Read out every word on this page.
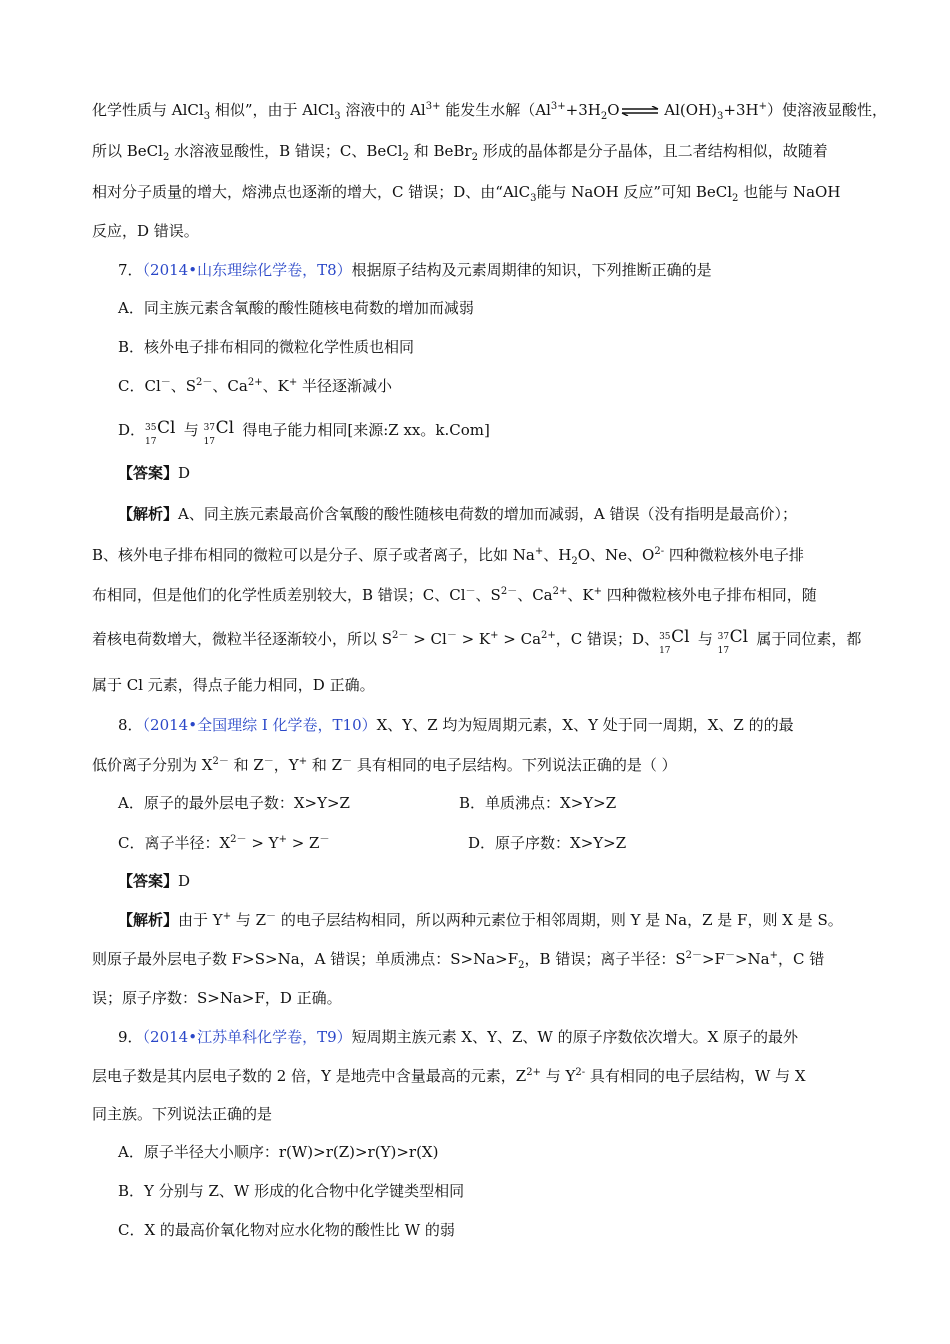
化学性质与 AlCl$_3$ 相似”，由于 AlCl$_3$ 溶液中的 $Al^{3+}$ 能发生水解（$Al^{3+}+3H_2O\rightleftharpoons$ $Al(OH)_3+3H^+$）使溶液显酸性，
所以 BeCl$_2$ 水溶液显酸性，B 错误；C、BeCl$_2$ 和 BeBr$_2$ 形成的晶体都是分子晶体，且二者结构相似，故随着
相对分子质量的增大，熔沸点也逐渐的增大，C 错误；D、由“AlC$_3$能与 NaOH 反应”可知 BeCl$_2$ 也能与 NaOH
反应，D 错误。
7．（2014•山东理综化学卷，T8）根据原子结构及元素周期律的知识，下列推断正确的是
A．同主族元素含氧酸的酸性随核电荷数的增加而减弱
B．核外电子排布相同的微粒化学性质也相同
C．Cl－、$S^{2-}$、$Ca^{2+}$、K+ 半径逐渐减小
D． 35
17
Cl 与 37
17
Cl 得电子能力相同[来源:Z xx。k.Com]
【答案】D
【解析】A、同主族元素最高价含氧酸的酸性随核电荷数的增加而减弱，A 错误（没有指明是最高价）；
B、核外电子排布相同的微粒可以是分子、原子或者离子，比如 Na+、$H_2O$、Ne、$O^{2-}$ 四种微粒核外电子排
布相同，但是他们的化学性质差别较大，B 错误；C、Cl－、$S^{2-}$、$Ca^{2+}$、K+ 四种微粒核外电子排布相同，随
着核电荷数增大，微粒半径逐渐较小，所以 $S^{2-} > Cl^- > K^+ > Ca^{2+}$，C 错误；D、 35
17
Cl 与 37
17
Cl 属于同位素，都
属于 Cl 元素，得点子能力相同，D 正确。
8．（2014•全国理综 I 化学卷，T10）X、Y、Z 均为短周期元素，X、Y 处于同一周期，X、Z 的的最
低价离子分别为 $X^{2-}$ 和 Z－，Y+ 和 Z－ 具有相同的电子层结构。下列说法正确的是（ ）
A．原子的最外层电子数：X>Y>Z	B．单质沸点：X>Y>Z
C．离子半径：$X^{2-} > Y^+ > Z^-$	D．原子序数：X>Y>Z
【答案】D
【解析】由于 Y+ 与 Z－ 的电子层结构相同，所以两种元素位于相邻周期，则 Y 是 Na，Z 是 F，则 X 是 S。
则原子最外层电子数 F>S>Na，A 错误；单质沸点：$S>Na>F_2$，B 错误；离子半径：$S^{2-}>F^->Na^+$，C 错
误；原子序数：S>Na>F，D 正确。
9．（2014•江苏单科化学卷，T9）短周期主族元素 X、Y、Z、W 的原子序数依次增大。X 原子的最外
层电子数是其内层电子数的 2 倍，Y 是地壳中含量最高的元素，$Z^{2+}$ 与 $Y^{2-}$ 具有相同的电子层结构，W 与 X
同主族。下列说法正确的是
A．原子半径大小顺序：r(W)>r(Z)>r(Y)>r(X)
B．Y 分别与 Z、W 形成的化合物中化学键类型相同
C．X 的最高价氧化物对应水化物的酸性比 W 的弱
